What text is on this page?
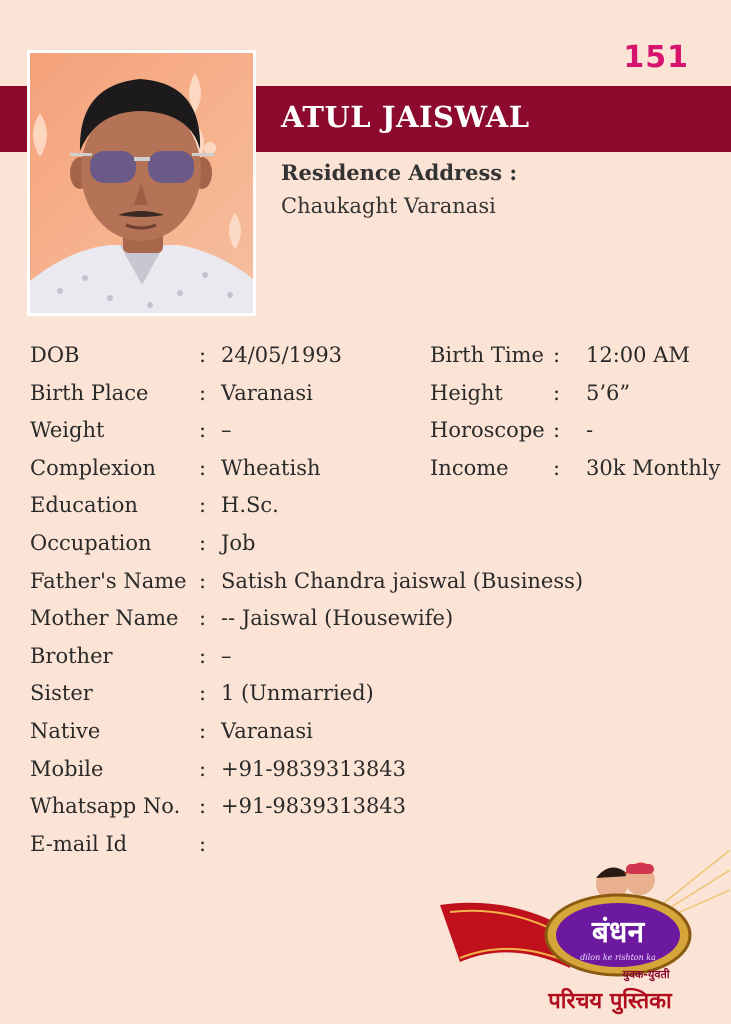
151
ATUL JAISWAL
Residence Address :
Chaukaght Varanasi
DOB	: 24/05/1993	Birth Time : 12:00 AM
Birth Place : Varanasi	Height : 5’6”
Weight	: –	Horoscope : -
Complexion : Wheatish	Income : 30k Monthly
Education	: H.Sc.
Occupation : Job
Father's Name : Satish Chandra jaiswal (Business)
Mother Name : -- Jaiswal (Housewife)
Brother	: –
Sister	: 1 (Unmarried)
Native	: Varanasi
Mobile	: +91-9839313843
Whatsapp No. : +91-9839313843
E-mail Id	:
बंधन
dilon ke rishton ka
युवक-युवती
परिचय पुस्तिका
